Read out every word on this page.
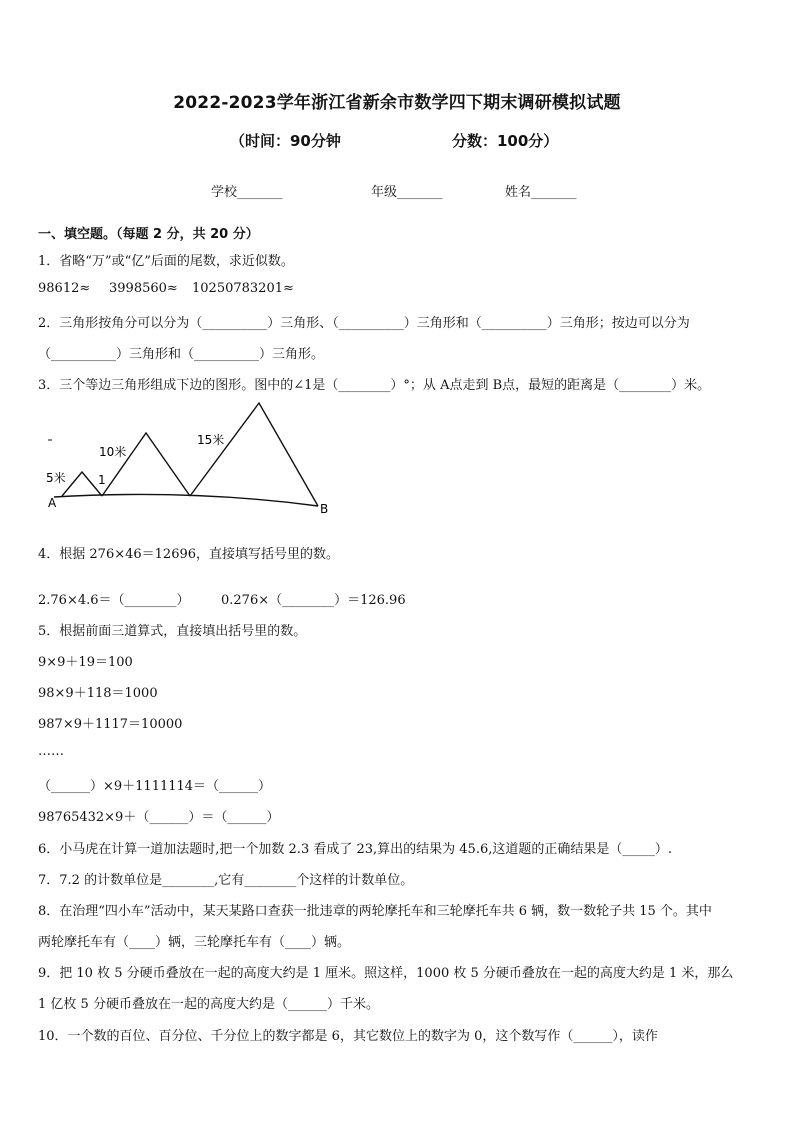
2022-2023学年浙江省新余市数学四下期末调研模拟试题
（时间：90分钟	分数：100分）
学校_______	年级_______	姓名_______
一、填空题。（每题 2 分，共 20 分）
1．省略“万”或“亿”后面的尾数，求近似数。
98612≈ 3998560≈ 10250783201≈
2．三角形按角分可以分为（__________）三角形、（__________）三角形和（__________）三角形；按边可以分为
（__________）三角形和（__________）三角形。
3．三个等边三角形组成下边的图形。图中的∠1是（________）°；从 A点走到 B点，最短的距离是（________）米。
5米
10米
15米
1
A	B
4．根据 276×46＝12696，直接填写括号里的数。
2.76×4.6＝（________） 0.276×（________）＝126.96
5．根据前面三道算式，直接填出括号里的数。
9×9＋19＝100
98×9＋118＝1000
987×9＋1117＝10000
……
（______）×9＋1111114＝（______）
98765432×9＋（______）＝（______）
6．小马虎在计算一道加法题时,把一个加数 2.3 看成了 23,算出的结果为 45.6,这道题的正确结果是（_____）.
7．7.2 的计数单位是________,它有________个这样的计数单位。
8．在治理“四小车”活动中，某天某路口查获一批违章的两轮摩托车和三轮摩托车共 6 辆，数一数轮子共 15 个。其中
两轮摩托车有（____）辆，三轮摩托车有（____）辆。
9．把 10 枚 5 分硬币叠放在一起的高度大约是 1 厘米。照这样，1000 枚 5 分硬币叠放在一起的高度大约是 1 米，那么
1 亿枚 5 分硬币叠放在一起的高度大约是（______）千米。
10．一个数的百位、百分位、千分位上的数字都是 6，其它数位上的数字为 0，这个数写作（______），读作
